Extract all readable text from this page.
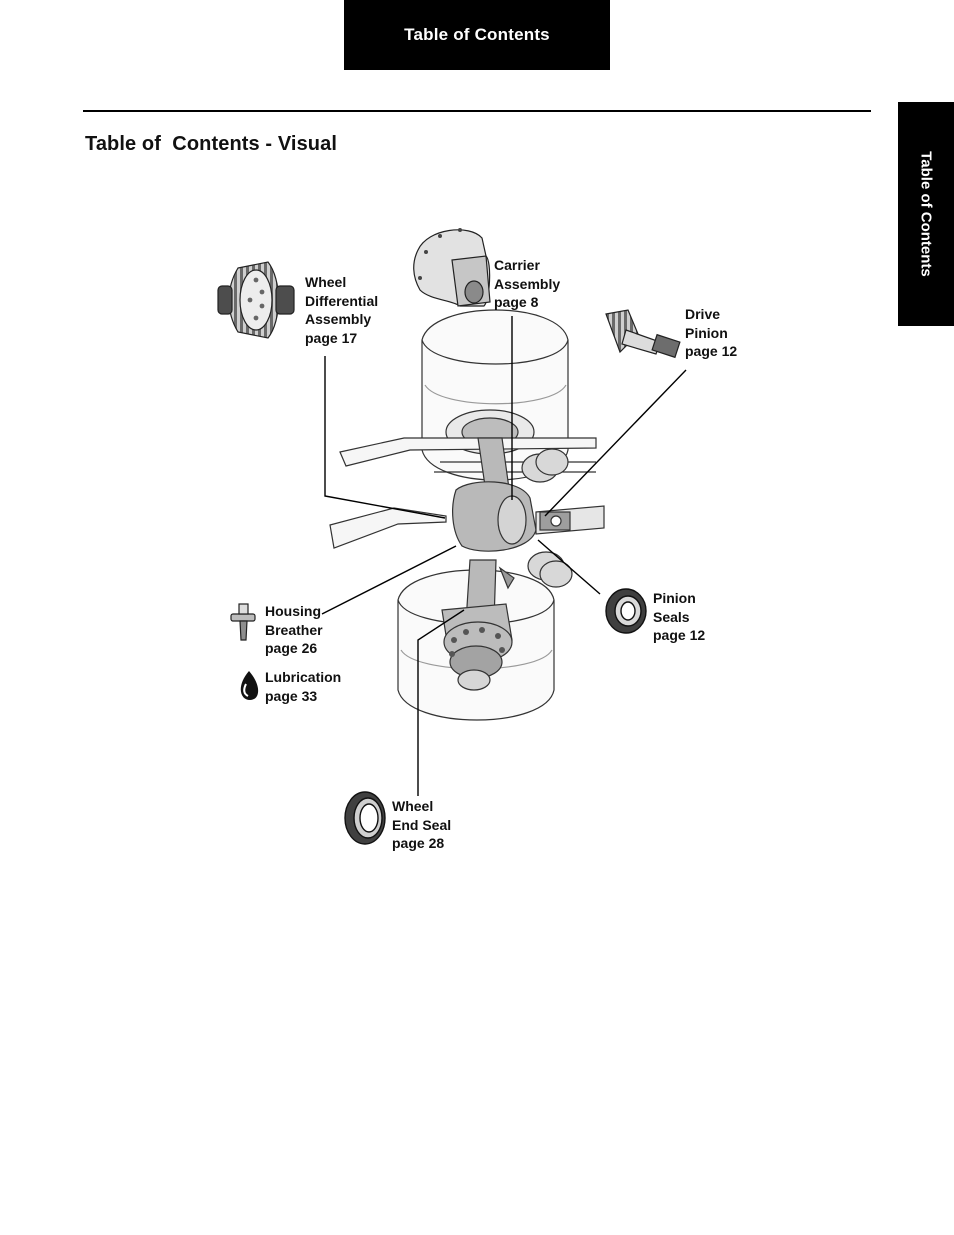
Table of Contents
Table of Contents
Table of  Contents - Visual
Wheel
Differential
Assembly
page 17
Carrier
Assembly
page 8
Drive
Pinion
page 12
Pinion
Seals
page 12
Housing
Breather
page 26
Lubrication
page 33
Wheel
End Seal
page 28
